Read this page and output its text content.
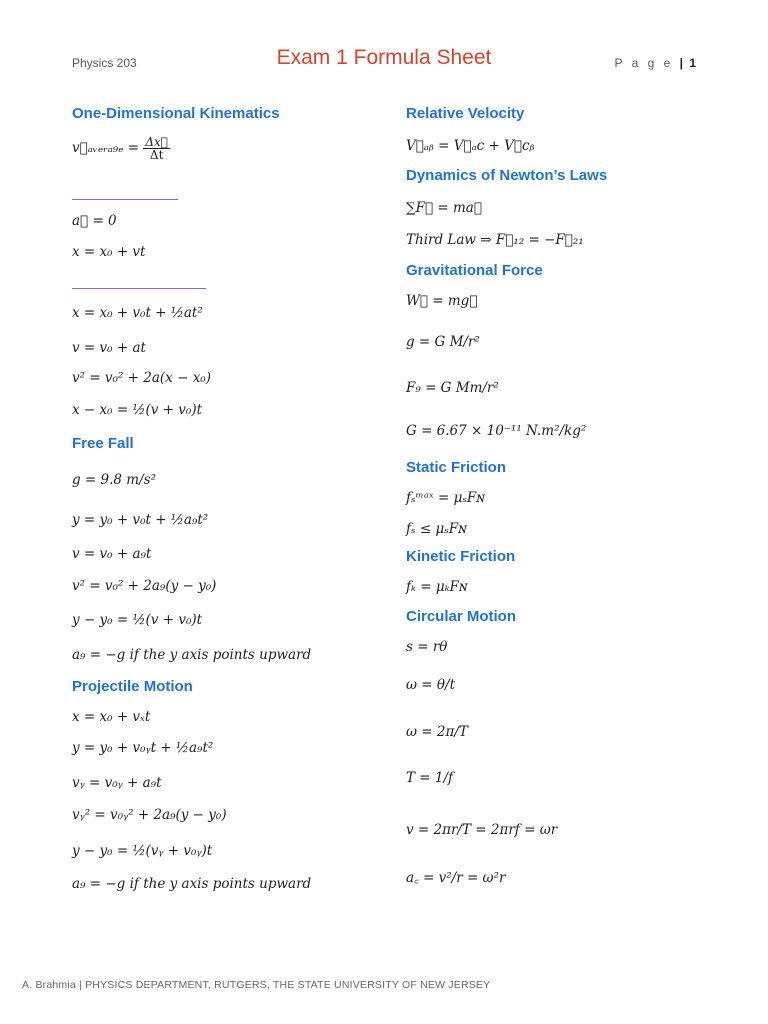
Physics 203	Exam 1 Formula Sheet	P a g e | 1
One-Dimensional Kinematics
v⃗ₐᵥₑᵣₐ₉ₑ = $\frac{\Delta x⃗}{\Delta t}$
a⃗ = 0
x = x₀ + vt
x = x₀ + v₀t + ½at²
v = v₀ + at
v² = v₀² + 2a(x − x₀)
x − x₀ = ½(v + v₀)t
Free Fall
g = 9.8 m/s²
y = y₀ + v₀t + ½a₉t²
v = v₀ + a₉t
v² = v₀² + 2a₉(y − y₀)
y − y₀ = ½(v + v₀)t
a₉ = −g if the y axis points upward
Projectile Motion
x = x₀ + vₓt
y = y₀ + v₀ᵧt + ½a₉t²
vᵧ = v₀ᵧ + a₉t
vᵧ² = v₀ᵧ² + 2a₉(y − y₀)
y − y₀ = ½(vᵧ + v₀ᵧ)t
a₉ = −g if the y axis points upward
Relative Velocity
V⃗ₐᵦ = V⃗ₐc + V⃗cᵦ
Dynamics of Newton’s Laws
∑F⃗ = ma⃗
Third Law ⇒ F⃗₁₂ = −F⃗₂₁
Gravitational Force
W⃗ = mg⃗
g = G M/r²
F₉ = G Mm/r²
G = 6.67 × 10⁻¹¹ N.m²/kg²
Static Friction
fₛᵐᵃˣ = μₛFɴ
fₛ ≤ μₛFɴ
Kinetic Friction
fₖ = μₖFɴ
Circular Motion
s = rθ
ω = θ/t
ω = 2π/T
T = 1/f
v = 2πr/T = 2πrf = ωr
a꜀ = v²/r = ω²r
A. Brahmia | PHYSICS DEPARTMENT, RUTGERS, THE STATE UNIVERSITY OF NEW JERSEY
